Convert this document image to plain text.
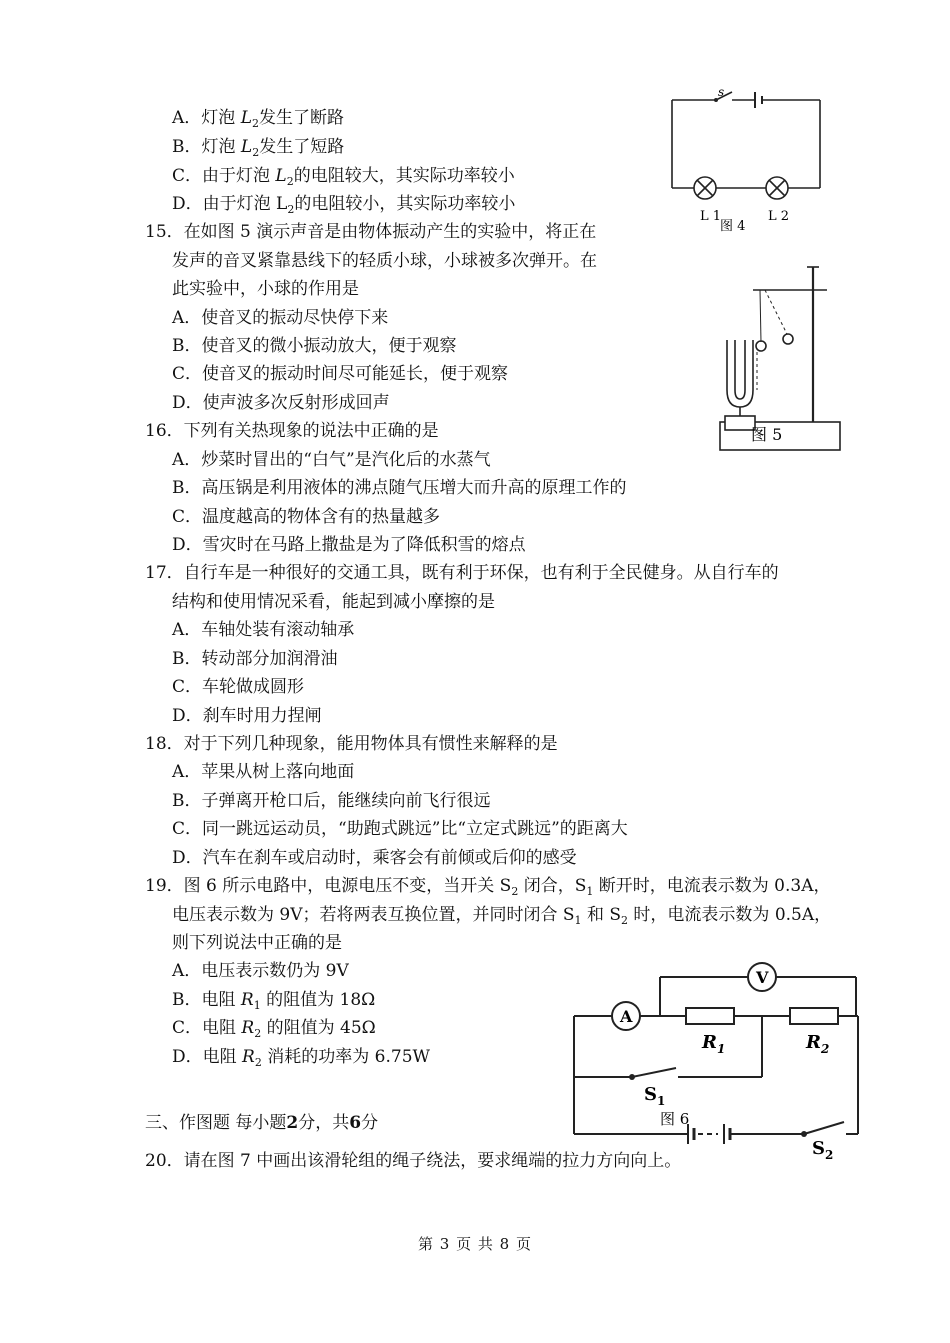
A．灯泡 $L_2$发生了断路
B．灯泡 $L_2$发生了短路
C．由于灯泡 $L_2$的电阻较大，其实际功率较小
D．由于灯泡 $L_2$的电阻较小，其实际功率较小
s
L 1	L 2
图 4
15．在如图 5 演示声音是由物体振动产生的实验中，将正在
发声的音叉紧靠悬线下的轻质小球，小球被多次弹开。在
此实验中，小球的作用是
A．使音叉的振动尽快停下来
B．使音叉的微小振动放大，便于观察
C．使音叉的振动时间尽可能延长，便于观察
D．使声波多次反射形成回声
图 5
16．下列有关热现象的说法中正确的是
A．炒菜时冒出的“白气”是汽化后的水蒸气
B．高压锅是利用液体的沸点随气压增大而升高的原理工作的
C．温度越高的物体含有的热量越多
D．雪灾时在马路上撒盐是为了降低积雪的熔点
17．自行车是一种很好的交通工具，既有利于环保，也有利于全民健身。从自行车的
结构和使用情况采看，能起到减小摩擦的是
A．车轴处装有滚动轴承
B．转动部分加润滑油
C．车轮做成圆形
D．刹车时用力捏闸
18．对于下列几种现象，能用物体具有惯性来解释的是
A．苹果从树上落向地面
B．子弹离开枪口后，能继续向前飞行很远
C．同一跳远运动员，“助跑式跳远”比“立定式跳远”的距离大
D．汽车在刹车或启动时，乘客会有前倾或后仰的感受
19．图 6 所示电路中，电源电压不变，当开关 $S_2$ 闭合，$S_1$ 断开时，电流表示数为 0.3A，
电压表示数为 9V；若将两表互换位置，并同时闭合 $S_1$ 和 $S_2$ 时，电流表示数为 0.5A，
则下列说法中正确的是
A．电压表示数仍为 9V
B．电阻 $R_1$ 的阻值为 18Ω
C．电阻 $R_2$ 的阻值为 45Ω
D．电阻 $R_2$ 消耗的功率为 6.75W
V
A
$R_1$	$R_2$
$S_1$
$S_2$
图 6
三、作图题 每小题2分，共6分
20．请在图 7 中画出该滑轮组的绳子绕法，要求绳端的拉力方向向上。
第 3 页 共 8 页
